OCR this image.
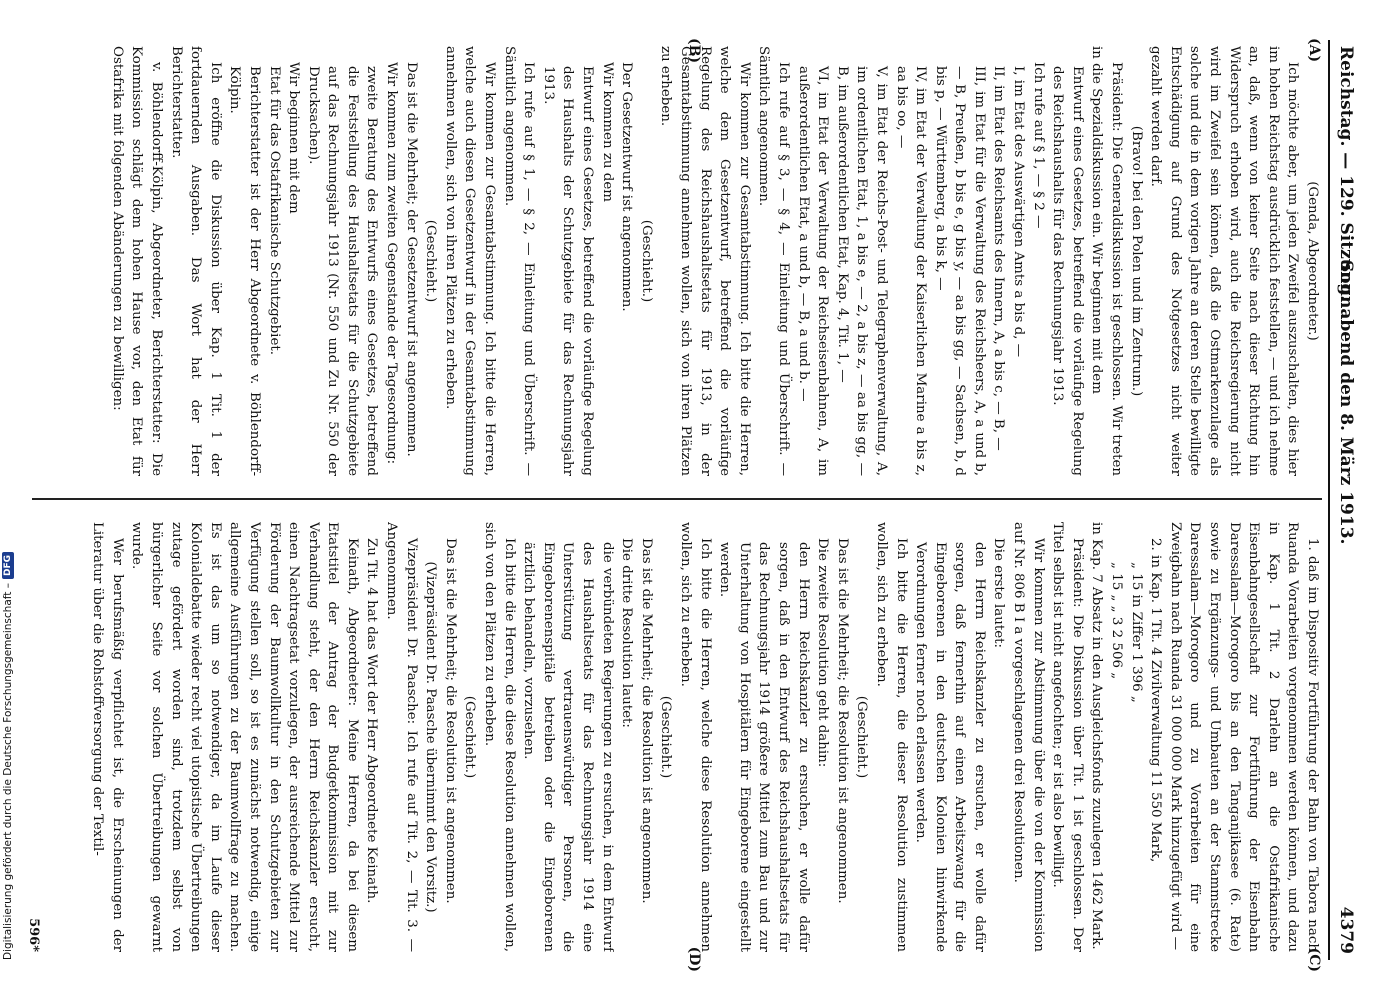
Digitalisierung gefördert durch die Deutsche Forschungsgemeinschaft –
DFG
Reichstag. — 129. Sitzung.
Sonnabend den 8. März 1913.
4379
(A)
(B)
(C)
(D)

(Genda, Abgeordneter.)

Ich möchte aber, um jeden Zweifel auszuschalten, dies hier im hohen Reichstag ausdrücklich feststellen, — und ich nehme an, daß, wenn von keiner Seite nach dieser Richtung hin Widerspruch erhoben wird, auch die Reichsregierung nicht wird im Zweifel sein können, daß die Ostmarkenzulage als solche und die in dem vorigen Jahre an deren Stelle bewilligte Entschädigung auf Grund des Notgesetzes nicht weiter gezahlt werden darf.

(Bravo! bei den Polen und im Zentrum.)

Präsident: Die Generaldiskussion ist geschlossen. Wir treten in die Spezialdiskussion ein. Wir beginnen mit dem

Entwurf eines Gesetzes, betreffend die vorläufige Regelung des Reichshaushalts für das Rechnungsjahr 1913.

Ich rufe auf § 1, — § 2 —

I, im Etat des Auswärtigen Amts a bis d, —

II, im Etat des Reichsamts des Innern, A, a bis c, — B, —

III, im Etat für die Verwaltung des Reichsheers, A, a und b, — B, Preußen, b bis e, g bis y, — aa bis gg, — Sachsen, b, d bis p, — Württemberg, a bis k, —

IV, im Etat der Verwaltung der Kaiserlichen Marine a bis z, aa bis oo, —

V, im Etat der Reichs-Post- und Telegraphenverwaltung, A, im ordentlichen Etat, 1, a bis e, — 2, a bis z, — aa bis gg, — B, im außerordentlichen Etat, Kap. 4, Tit. 1, —

VI, im Etat der Verwaltung der Reichseisenbahnen, A, im außerordentlichen Etat, a und b, — B, a und b. —

Ich rufe auf § 3, — § 4, — Einleitung und Überschrift. — Sämtlich angenommen.

Wir kommen zur Gesamtabstimmung. Ich bitte die Herren, welche dem Gesetzentwurf, betreffend die vorläufige Regelung des Reichshaushaltsetats für 1913, in der Gesamtabstimmung annehmen wollen, sich von ihren Plätzen zu erheben.

(Geschieht.)

Der Gesetzentwurf ist angenommen.

Wir kommen zu dem

Entwurf eines Gesetzes, betreffend die vorläufige Regelung des Haushalts der Schutzgebiete für das Rechnungsjahr 1913.

Ich rufe auf § 1, — § 2, — Einleitung und Überschrift. — Sämtlich angenommen.

Wir kommen zur Gesamtabstimmung. Ich bitte die Herren, welche auch diesen Gesetzentwurf in der Gesamtabstimmung annehmen wollen, sich von ihren Plätzen zu erheben.

(Geschieht.)

Das ist die Mehrheit; der Gesetzentwurf ist angenommen.

Wir kommen zum zweiten Gegenstande der Tagesordnung:

zweite Beratung des Entwurfs eines Gesetzes, betreffend die Feststellung des Haushaltsetats für die Schutzgebiete auf das Rechnungsjahr 1913 (Nr. 550 und Zu Nr. 550 der Drucksachen).

Wir beginnen mit dem

Etat für das Ostafrikanische Schutzgebiet.

Berichterstatter ist der Herr Abgeordnete v. Böhlendorff-Kölpin.

Ich eröffne die Diskussion über Kap. 1 Tit. 1 der fortdauernden Ausgaben. Das Wort hat der Herr Berichterstatter.

v. Böhlendorff-Kölpin, Abgeordneter, Berichterstatter: Die Kommission schlägt dem hohen Hause vor, den Etat für Ostafrika mit folgenden Abänderungen zu bewilligen:

1. daß im Dispositiv Fortführung der Bahn von Tabora nach Ruanda Vorarbeiten vorgenommen werden können, und dazu in Kap. 1 Tit. 2 Darlehn an die Ostafrikanische Eisenbahngesellschaft zur Fortführung der Eisenbahn Daressalam—Morogoro bis an den Tanganjikasee (6. Rate) sowie zu Ergänzungs- und Umbauten an der Stammstrecke Daressalam—Morogoro und zu Vorarbeiten für eine Zweigbahn nach Ruanda 31 000 000 Mark hinzugefügt wird —

2. in Kap. 1 Tit. 4 Zivilverwaltung 11 550 Mark,

„ 15 in Ziffer 1 396 „

„ 15 „ „ 3 2 506 „

in Kap. 7 Absatz in den Ausgleichsfonds zuzulegen 1462 Mark.

Präsident: Die Diskussion über Tit. 1 ist geschlossen. Der Titel selbst ist nicht angefochten; er ist also bewilligt.

Wir kommen zur Abstimmung über die von der Kommission auf Nr. 806 B I a vorgeschlagenen drei Resolutionen.

Die erste lautet:

den Herrn Reichskanzler zu ersuchen, er wolle dafür sorgen, daß fernerhin auf einen Arbeitszwang für die Eingeborenen in den deutschen Kolonien hinwirkende Verordnungen ferner noch erlassen werden.

Ich bitte die Herren, die dieser Resolution zustimmen wollen, sich zu erheben.

(Geschieht.)

Das ist die Mehrheit; die Resolution ist angenommen.

Die zweite Resolution geht dahin:

den Herrn Reichskanzler zu ersuchen, er wolle dafür sorgen, daß in den Entwurf des Reichshaushaltsetats für das Rechnungsjahr 1914 größere Mittel zum Bau und zur Unterhaltung von Hospitälern für Eingeborene eingestellt werden.

Ich bitte die Herren, welche diese Resolution annehmen wollen, sich zu erheben.

(Geschieht.)

Das ist die Mehrheit; die Resolution ist angenommen.

Die dritte Resolution lautet:

die verbündeten Regierungen zu ersuchen, in dem Entwurf des Haushaltsetats für das Rechnungsjahr 1914 eine Unterstützung vertrauenswürdiger Personen, die Eingeborenenspitäle betreiben oder die Eingeborenen ärztlich behandeln, vorzusehen.

Ich bitte die Herren, die diese Resolution annehmen wollen, sich von den Plätzen zu erheben.

(Geschieht.)

Das ist die Mehrheit; die Resolution ist angenommen.

(Vizepräsident Dr. Paasche übernimmt den Vorsitz.)

Vizepräsident Dr. Paasche: Ich rufe auf Tit. 2, — Tit. 3. — Angenommen.

Zu Tit. 4 hat das Wort der Herr Abgeordnete Keinath.

Keinath, Abgeordneter: Meine Herren, da bei diesem Etatstitel der Antrag der Budgetkommission mit zur Verhandlung steht, der den Herrn Reichskanzler ersucht, einen Nachtragsetat vorzulegen, der ausreichende Mittel zur Förderung der Baumwollkultur in den Schutzgebieten zur Verfügung stellen soll, so ist es zunächst notwendig, einige allgemeine Ausführungen zu der Baumwollfrage zu machen. Es ist das um so notwendiger, da im Laufe dieser Kolonialdebatte wieder recht viel utopistische Übertreibungen zutage gefördert worden sind, trotzdem selbst von bürgerlicher Seite vor solchen Übertreibungen gewarnt wurde.

Wer berufsmäßig verpflichtet ist, die Erscheinungen der Literatur über die Rohstoffversorgung der Textil-

596*
